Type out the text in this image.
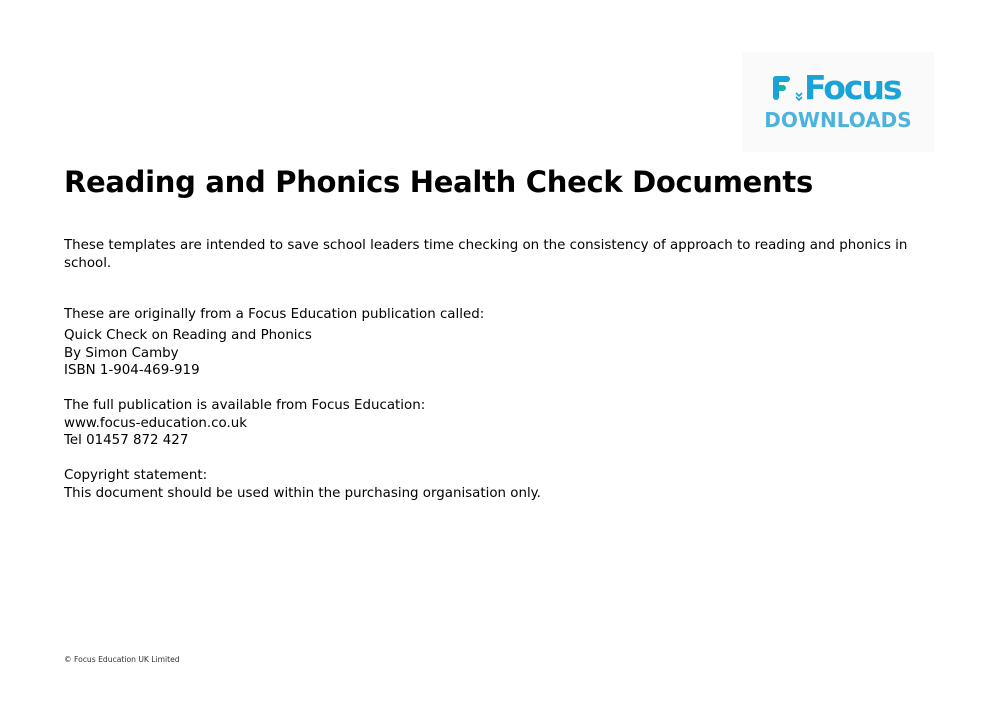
Focus
DOWNLOADS
Reading and Phonics Health Check Documents

These templates are intended to save school leaders time checking on the consistency of approach to reading and phonics in school.

These are originally from a Focus Education publication called:

Quick Check on Reading and Phonics
By Simon Camby
ISBN 1-904-469-919
The full publication is available from Focus Education:
www.focus-education.co.uk
Tel 01457 872 427
Copyright statement:
This document should be used within the purchasing organisation only.
© Focus Education UK Limited
